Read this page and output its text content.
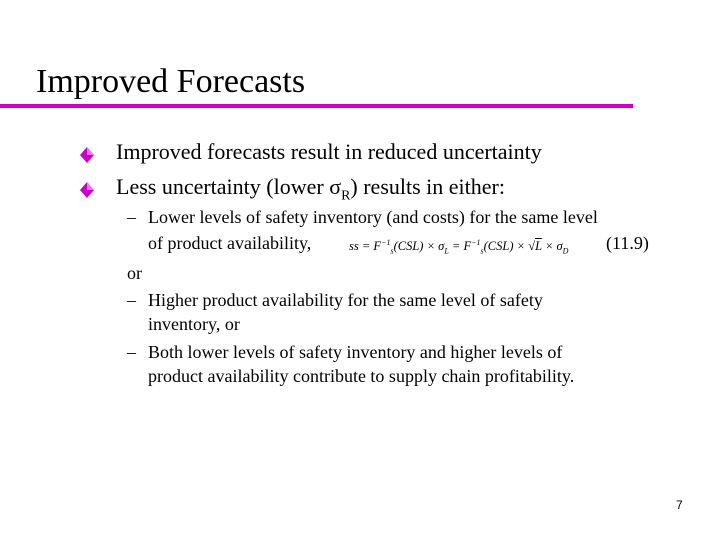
Improved Forecasts
Improved forecasts result in reduced uncertainty
Less uncertainty (lower $\sigma_R$) results in either:
– Lower levels of safety inventory (and costs) for the same level
of product availability,	ss = $F^{-1}_s(CSL) \times \sigma_L = F^{-1}_s(CSL) \times √L \times \sigma_D$ (11.9)
or
– Higher product availability for the same level of safety
inventory, or
– Both lower levels of safety inventory and higher levels of
product availability contribute to supply chain profitability.
7
